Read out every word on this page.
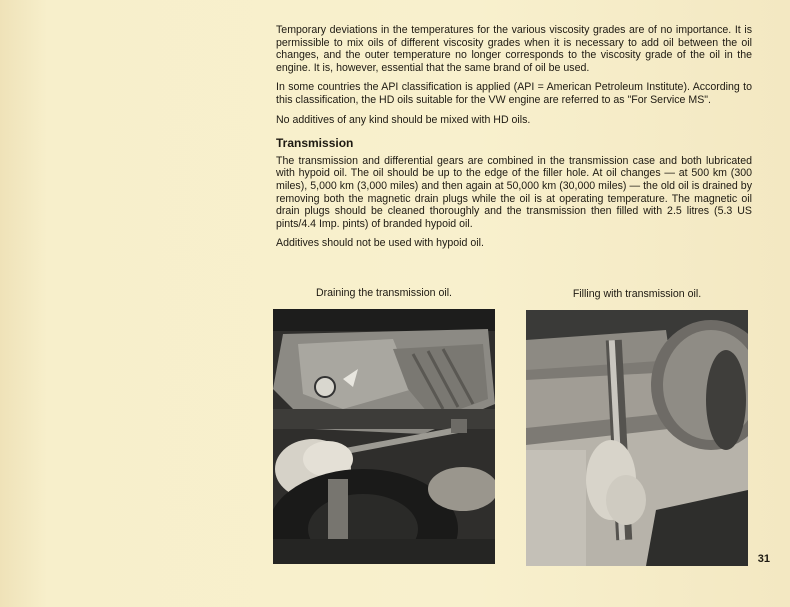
Temporary deviations in the temperatures for the various viscosity grades are of no importance. It is permissible to mix oils of different viscosity grades when it is necessary to add oil between the oil changes, and the outer temperature no longer corresponds to the viscosity grade of the oil in the engine. It is, however, essential that the same brand of oil be used.

In some countries the API classification is applied (API = American Petroleum Institute). According to this classification, the HD oils suitable for the VW engine are referred to as "For Service MS".

No additives of any kind should be mixed with HD oils.

Transmission

The transmission and differential gears are combined in the transmission case and both lubricated with hypoid oil. The oil should be up to the edge of the filler hole. At oil changes — at 500 km (300 miles), 5,000 km (3,000 miles) and then again at 50,000 km (30,000 miles) — the old oil is drained by removing both the magnetic drain plugs while the oil is at operating temperature. The magnetic oil drain plugs should be cleaned thoroughly and the transmission then filled with 2.5 litres (5.3 US pints/4.4 Imp. pints) of branded hypoid oil.

Additives should not be used with hypoid oil.

Draining the transmission oil.	Filling with transmission oil.
31
